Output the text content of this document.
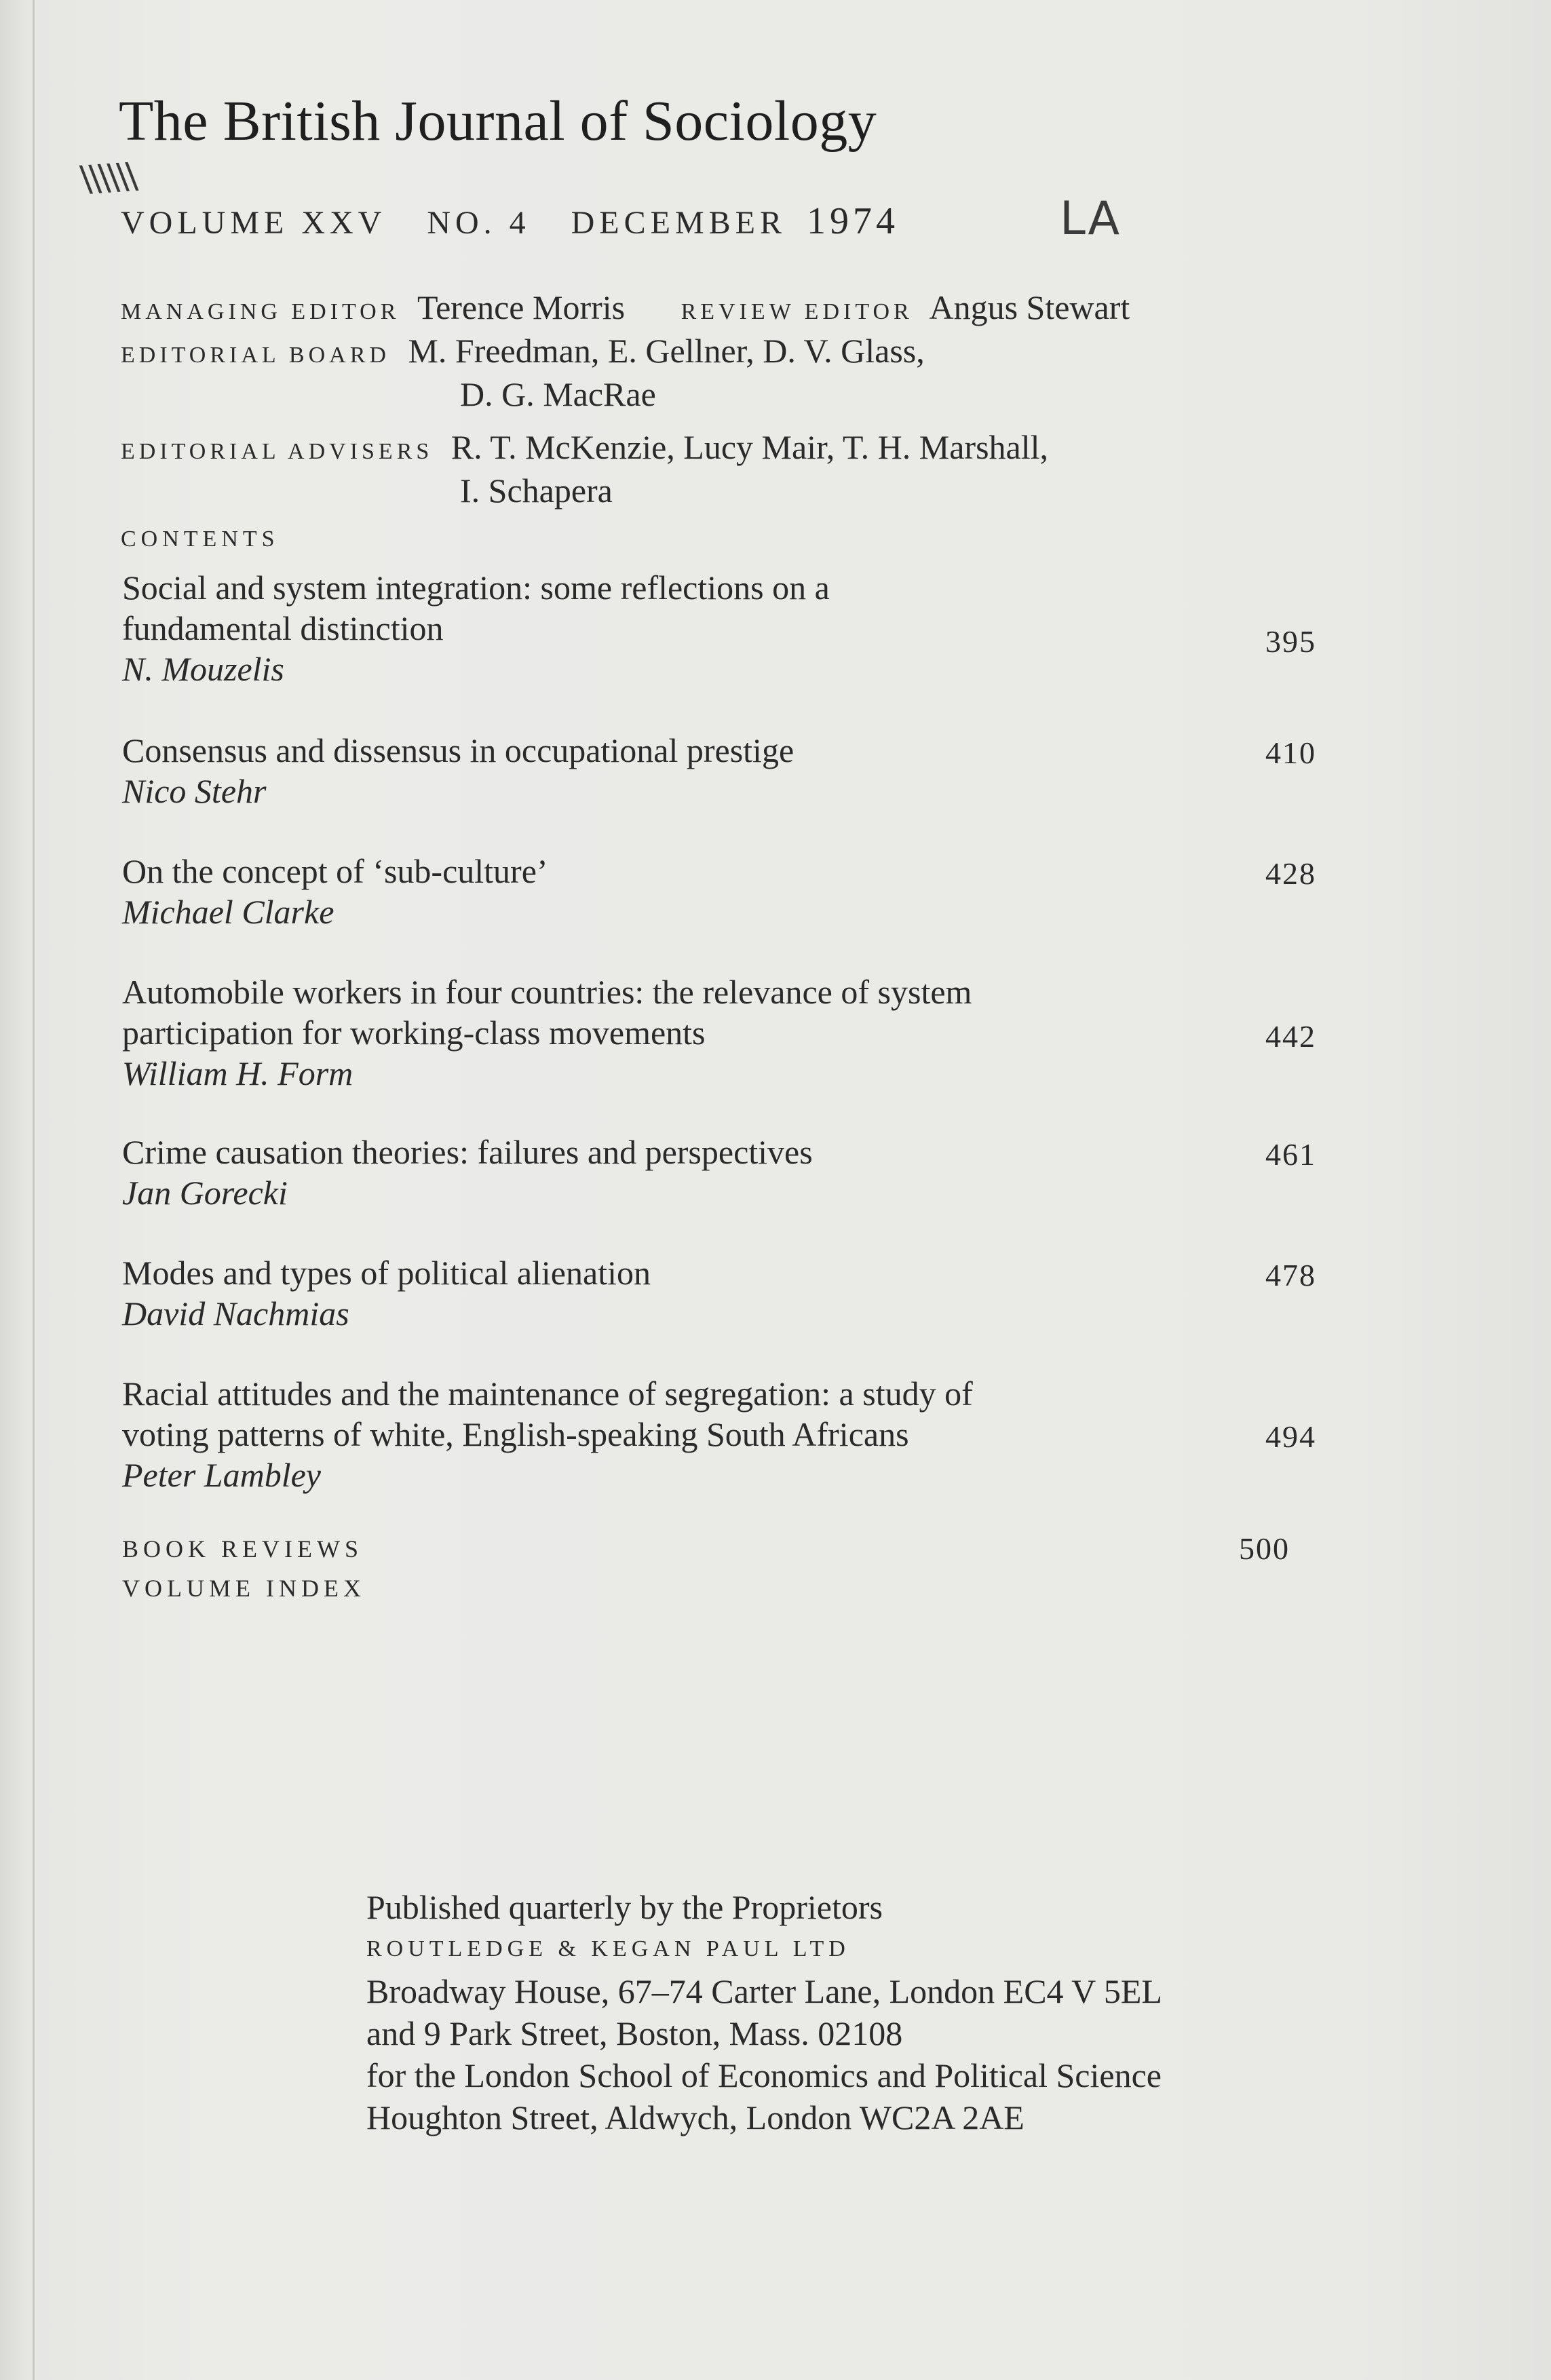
The British Journal of Sociology
\\\\\\
LA
VOLUME XXV NO. 4 DECEMBER 1974
MANAGING EDITOR Terence Morris REVIEW EDITOR Angus Stewart
EDITORIAL BOARD M. Freedman, E. Gellner, D. V. Glass,
D. G. MacRae
EDITORIAL ADVISERS R. T. McKenzie, Lucy Mair, T. H. Marshall,
I. Schapera
CONTENTS
Social and system integration: some reflections on a
fundamental distinction
N. Mouzelis
395
Consensus and dissensus in occupational prestige
Nico Stehr
410
On the concept of ‘sub-culture’
Michael Clarke
428
Automobile workers in four countries: the relevance of system
participation for working-class movements
William H. Form
442
Crime causation theories: failures and perspectives
Jan Gorecki
461
Modes and types of political alienation
David Nachmias
478
Racial attitudes and the maintenance of segregation: a study of
voting patterns of white, English-speaking South Africans
Peter Lambley
494
BOOK REVIEWS	500
VOLUME INDEX
Published quarterly by the Proprietors
ROUTLEDGE & KEGAN PAUL LTD
Broadway House, 67–74 Carter Lane, London EC4 V 5EL
and 9 Park Street, Boston, Mass. 02108
for the London School of Economics and Political Science
Houghton Street, Aldwych, London WC2A 2AE
